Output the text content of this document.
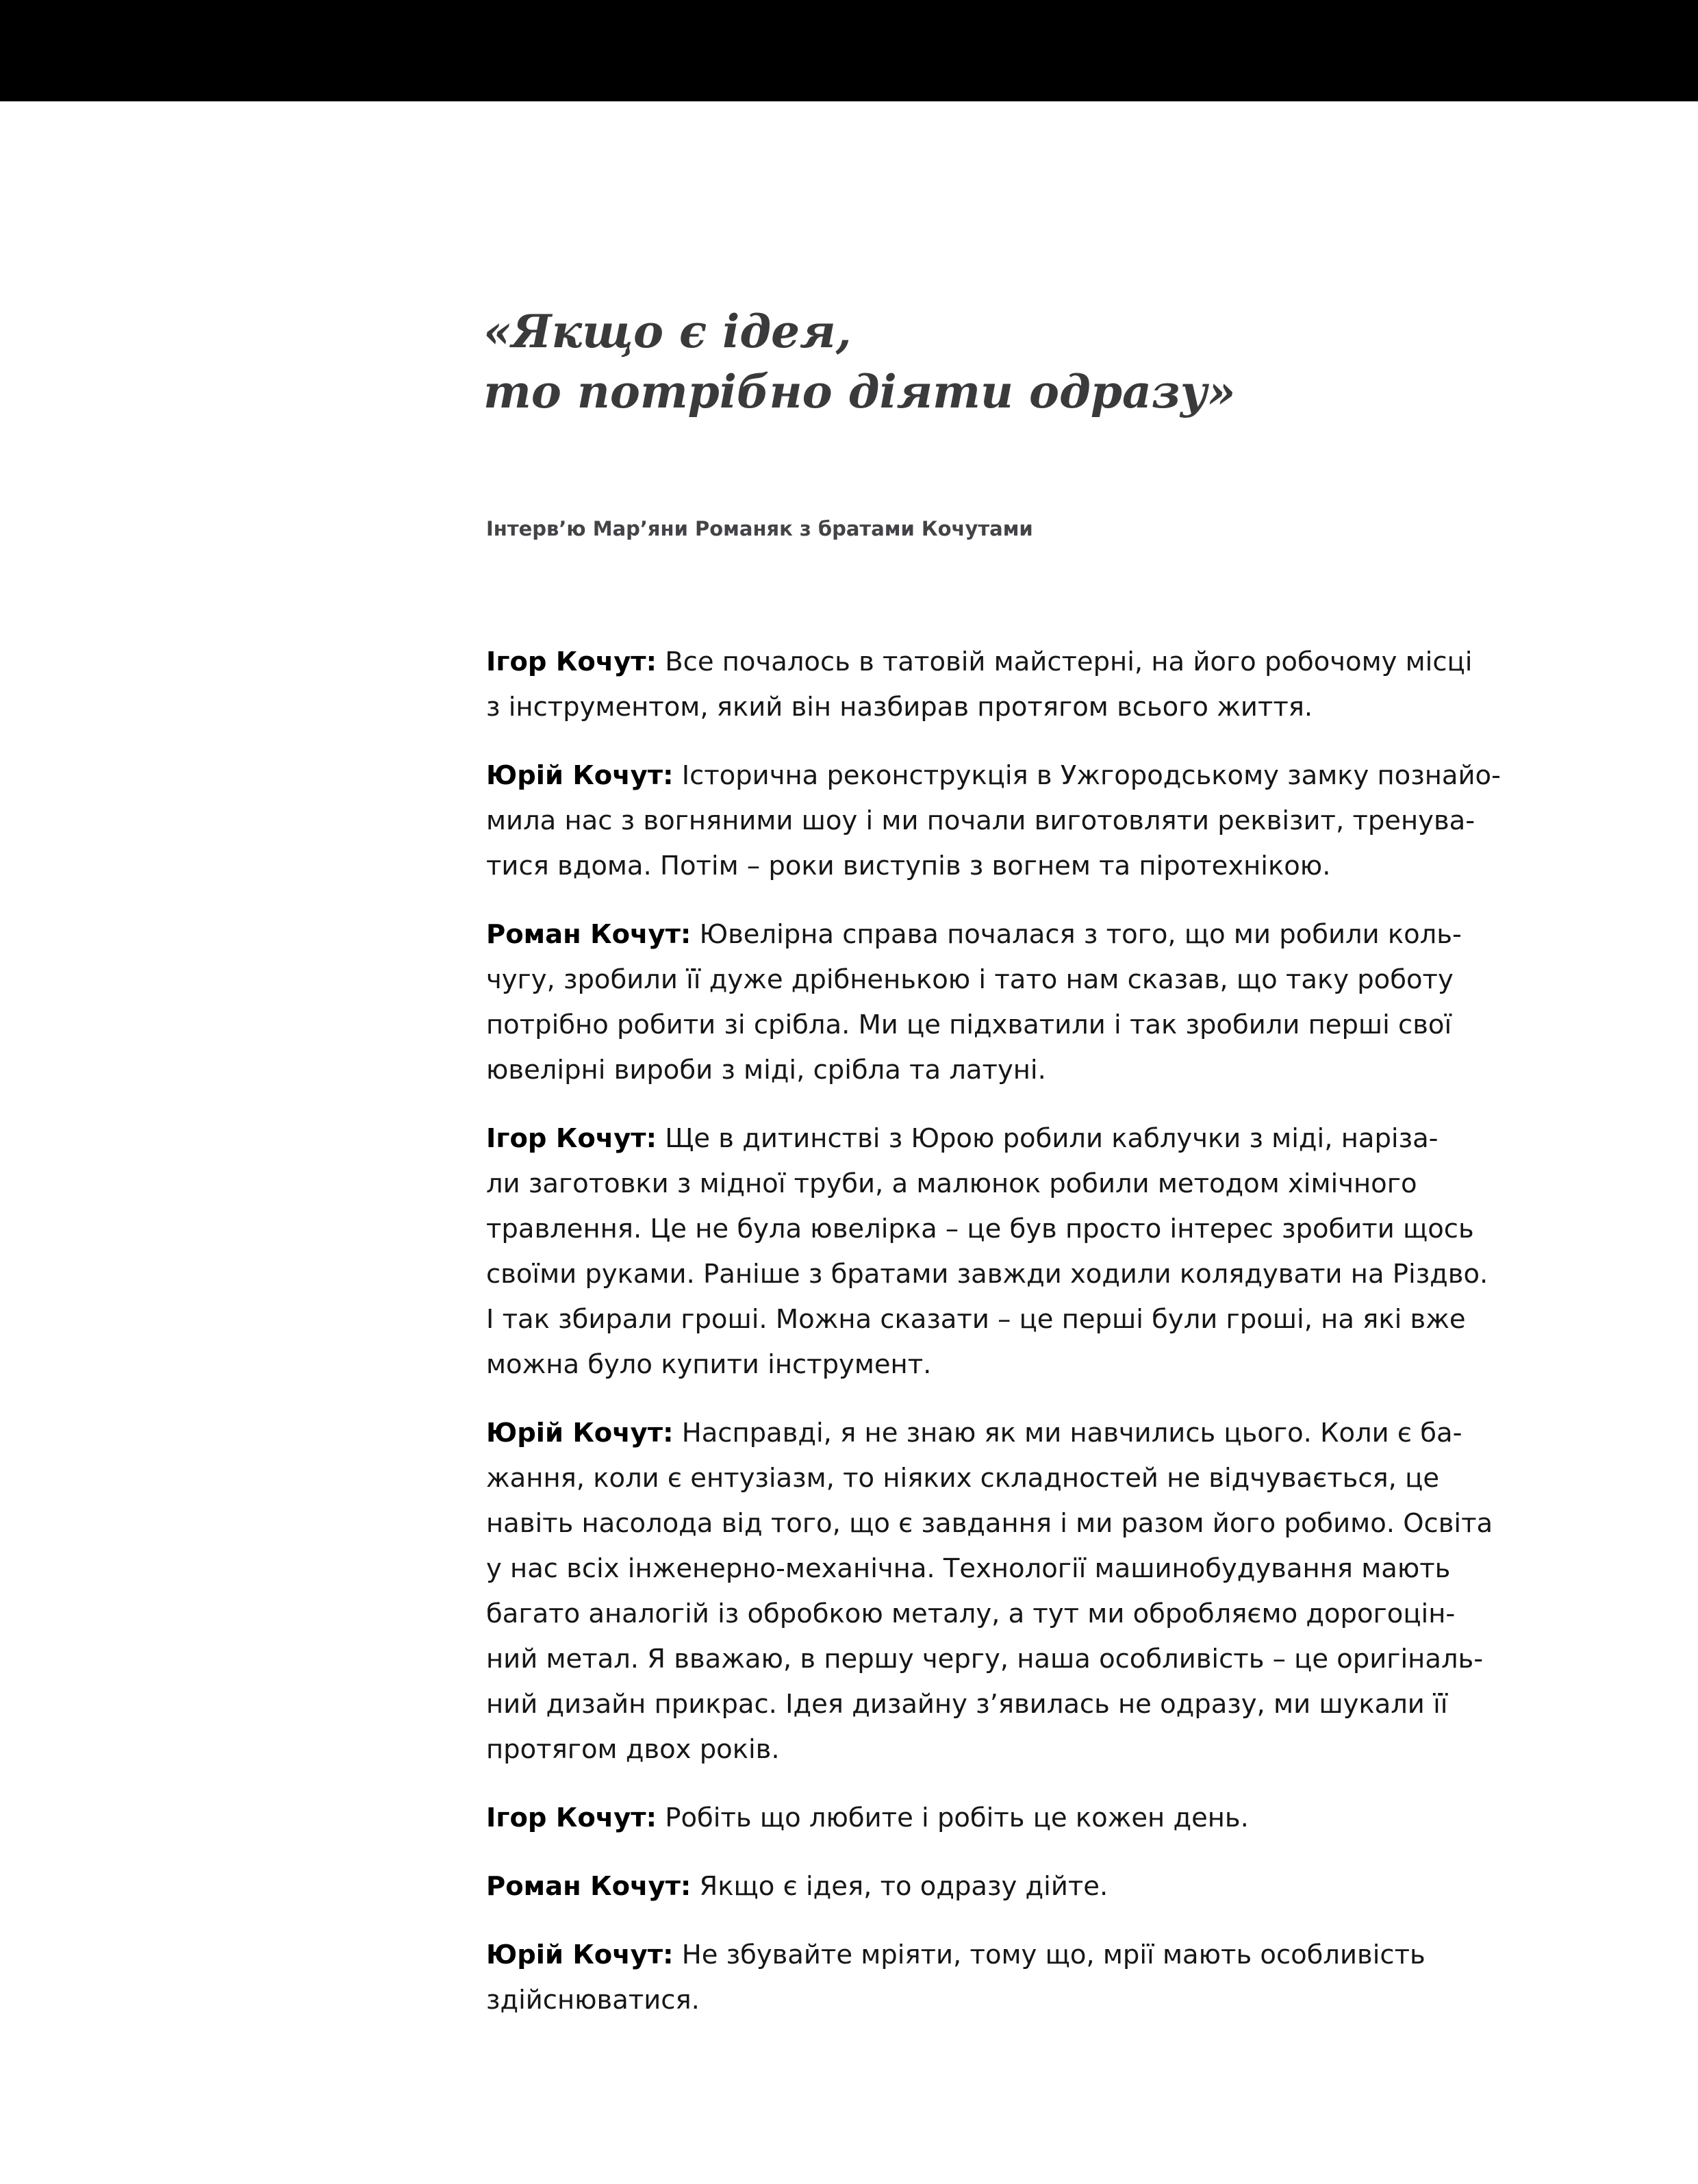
«Якщо є ідея,
то потрібно діяти одразу»

Інтерв’ю Мар’яни Романяк з братами Кочутами

Ігор Кочут: Все почалось в татовій майстерні, на його робочому місці
з інструментом, який він назбирав протягом всього життя.
Юрій Кочут: Історична реконструкція в Ужгородському замку познайо-
мила нас з вогняними шоу і ми почали виготовляти реквізит, тренува-
тися вдома. Потім – роки виступів з вогнем та піротехнікою.
Роман Кочут: Ювелірна справа почалася з того, що ми робили коль-
чугу, зробили її дуже дрібненькою і тато нам сказав, що таку роботу
потрібно робити зі срібла. Ми це підхватили і так зробили перші свої
ювелірні вироби з міді, срібла та латуні.
Ігор Кочут: Ще в дитинстві з Юрою робили каблучки з міді, нарізa-
ли заготовки з мідної труби, а малюнок робили методом хімічного
травлення. Це не була ювелірка – це був просто інтерес зробити щось
своїми руками. Раніше з братами завжди ходили колядувати на Різдво.
І так збирали гроші. Можна сказати – це перші були гроші, на які вже
можна було купити інструмент.
Юрій Кочут: Насправді, я не знаю як ми навчились цього. Коли є ба-
жання, коли є ентузіазм, то ніяких складностей не відчувається, це
навіть насолода від того, що є завдання і ми разом його робимо. Освіта
у нас всіх інженерно-механічна. Технології машинобудування мають
багато аналогій із обробкою металу, а тут ми обробляємо дорогоцін-
ний метал. Я вважаю, в першу чергу, наша особливість – це оригіналь-
ний дизайн прикрас. Ідея дизайну з’явилась не одразу, ми шукали її
протягом двох років.
Ігор Кочут: Робіть що любите і робіть це кожен день.
Роман Кочут: Якщо є ідея, то одразу дійте.
Юрій Кочут: Не збувайте мріяти, тому що, мрії мають особливість
здійснюватися.
